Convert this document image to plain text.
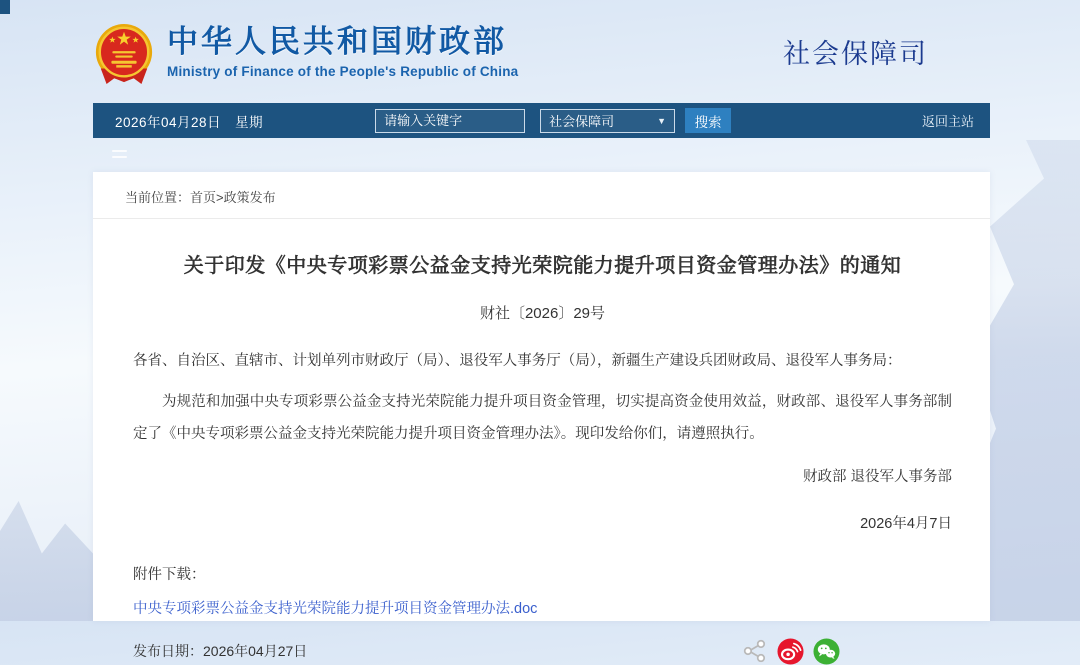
中华人民共和国财政部
Ministry of Finance of the People's Republic of China
社会保障司
2026年04月28日　星期
请输入关键字	社会保障司	▼	搜索	返回主站
当前位置：首页>政策发布
关于印发《中央专项彩票公益金支持光荣院能力提升项目资金管理办法》的通知
财社〔2026〕29号
各省、自治区、直辖市、计划单列市财政厅（局）、退役军人事务厅（局），新疆生产建设兵团财政局、退役军人事务局：
为规范和加强中央专项彩票公益金支持光荣院能力提升项目资金管理，切实提高资金使用效益，财政部、退役军人事务部制定了《中央专项彩票公益金支持光荣院能力提升项目资金管理办法》。现印发给你们，请遵照执行。
财政部 退役军人事务部
2026年4月7日
附件下载：
中央专项彩票公益金支持光荣院能力提升项目资金管理办法.doc
发布日期： 2026年04月27日
